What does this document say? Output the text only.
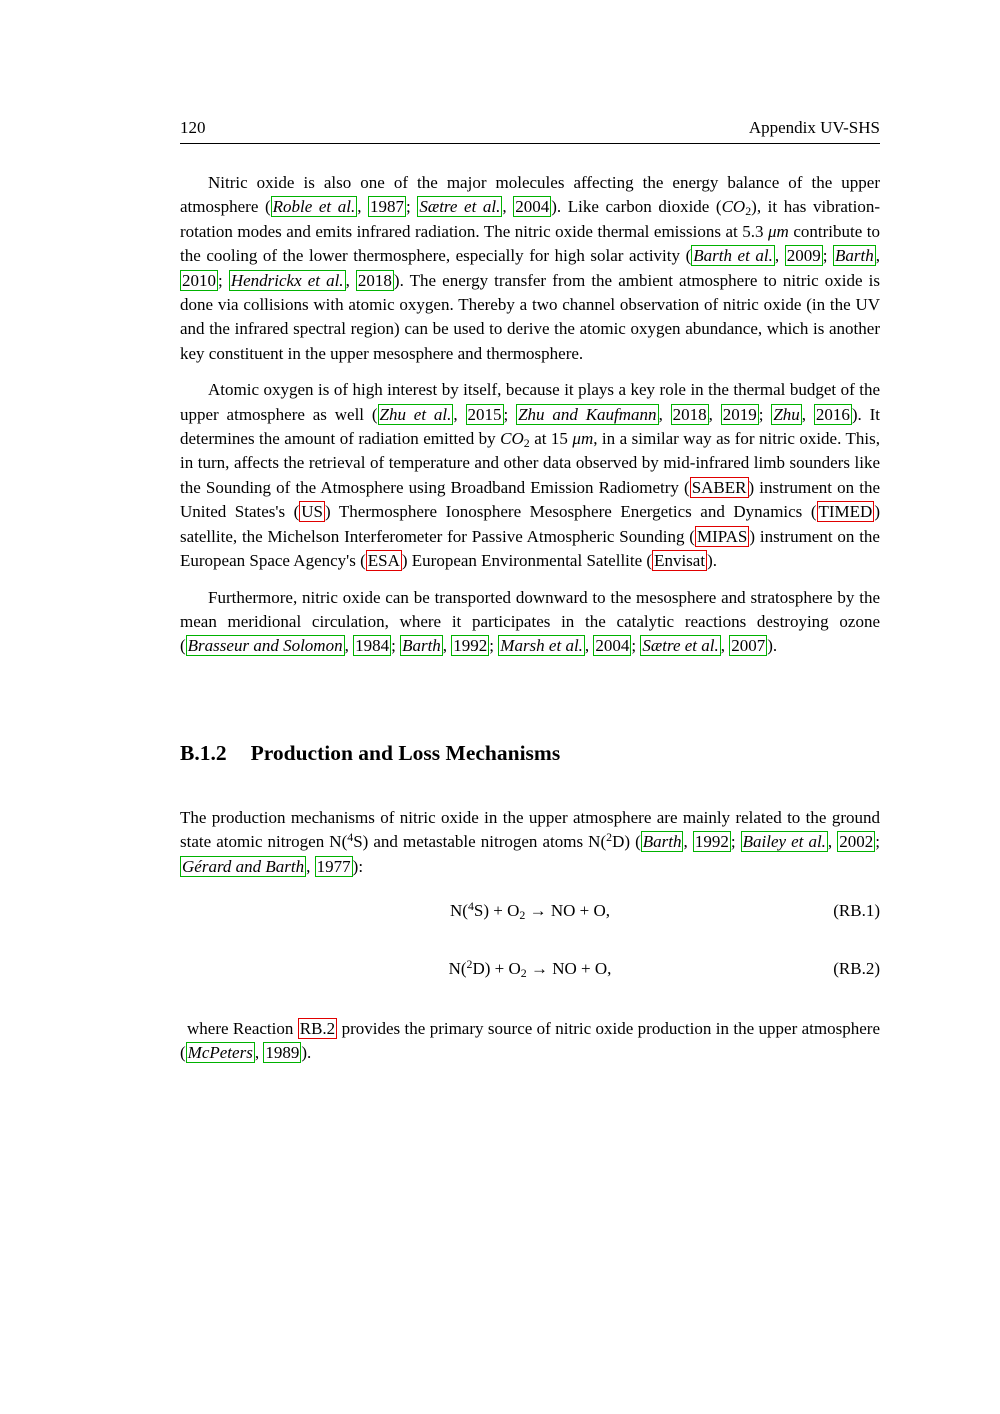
120	Appendix UV-SHS

Nitric oxide is also one of the major molecules affecting the energy balance of the upper atmosphere ( Roble et al. , 1987 ; Sætre et al. , 2004 ). Like carbon dioxide $(CO_2)$, it has vibration-rotation modes and emits infrared radiation. The nitric oxide thermal emissions at 5.3 μm contribute to the cooling of the lower thermosphere, especially for high solar activity ( Barth et al. , 2009 ; Barth , 2010 ; Hendrickx et al. , 2018 ). The energy transfer from the ambient atmosphere to nitric oxide is done via collisions with atomic oxygen. Thereby a two channel observation of nitric oxide (in the UV and the infrared spectral region) can be used to derive the atomic oxygen abundance, which is another key constituent in the upper mesosphere and thermosphere.

Atomic oxygen is of high interest by itself, because it plays a key role in the thermal budget of the upper atmosphere as well ( Zhu et al. , 2015 ; Zhu and Kaufmann , 2018 , 2019 ; Zhu , 2016 ). It determines the amount of radiation emitted by $CO_2$ at 15 μm, in a similar way as for nitric oxide. This, in turn, affects the retrieval of temperature and other data observed by mid-infrared limb sounders like the Sounding of the Atmosphere using Broadband Emission Radiometry ( SABER ) instrument on the United States's ( US ) Thermosphere Ionosphere Mesosphere Energetics and Dynamics ( TIMED ) satellite, the Michelson Interferometer for Passive Atmospheric Sounding ( MIPAS ) instrument on the European Space Agency's ( ESA ) European Environmental Satellite ( Envisat ).

Furthermore, nitric oxide can be transported downward to the mesosphere and stratosphere by the mean meridional circulation, where it participates in the catalytic reactions destroying ozone ( Brasseur and Solomon , 1984 ; Barth , 1992 ; Marsh et al. , 2004 ; Sætre et al. , 2007 ).

B.1.2 Production and Loss Mechanisms

The production mechanisms of nitric oxide in the upper atmosphere are mainly related to the ground state atomic nitrogen N($^4$S) and metastable nitrogen atoms N($^2$D) ( Barth , 1992 ; Bailey et al. , 2002 ; Gérard and Barth , 1977 ):

$N(^4S) + O_2$ → NO + O,	(RB.1)
$N(^2D) + O_2$ → NO + O,	(RB.2)

where Reaction RB.2 provides the primary source of nitric oxide production in the upper atmosphere ( McPeters , 1989 ).
